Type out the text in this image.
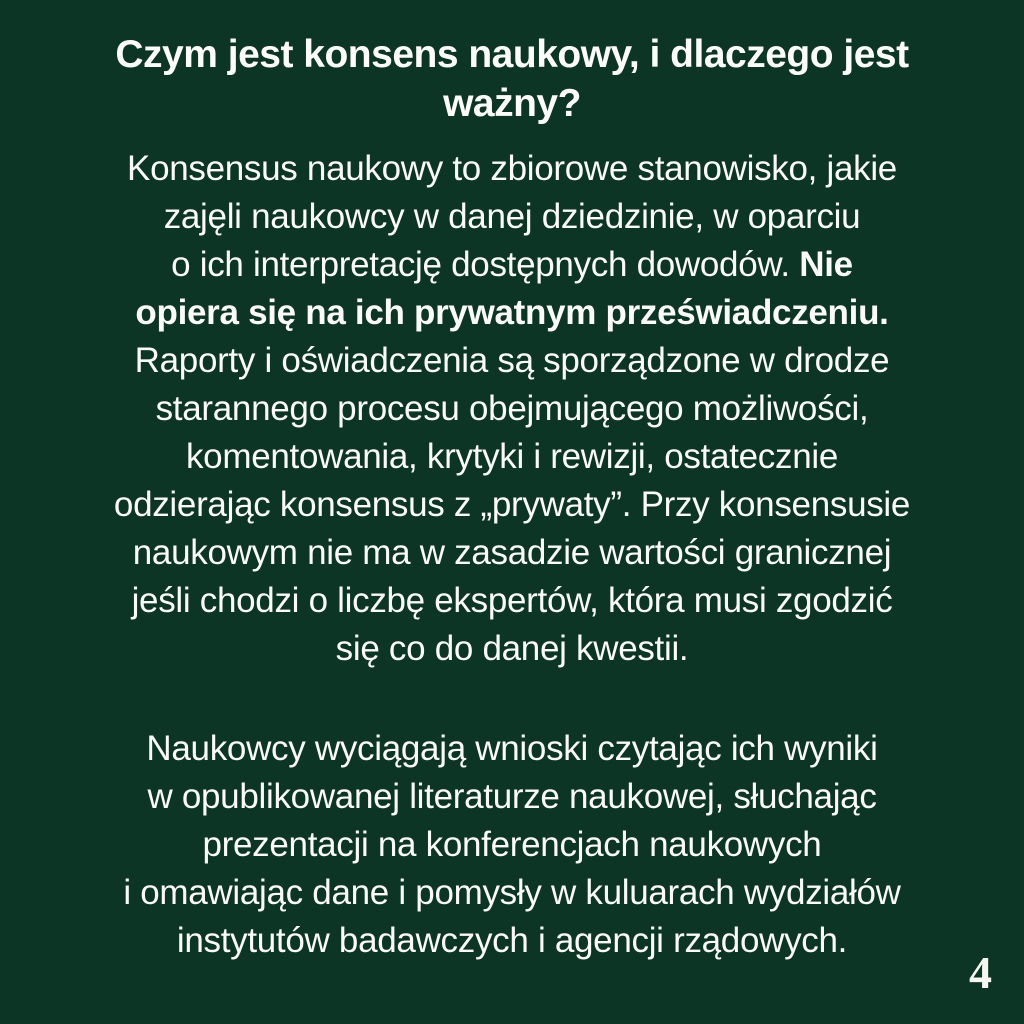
Czym jest konsens naukowy, i dlaczego jest
ważny?

Konsensus naukowy to zbiorowe stanowisko, jakie
zajęli naukowcy w danej dziedzinie, w oparciu
o ich interpretację dostępnych dowodów. Nie
opiera się na ich prywatnym przeświadczeniu.
Raporty i oświadczenia są sporządzone w drodze
starannego procesu obejmującego możliwości,
komentowania, krytyki i rewizji, ostatecznie
odzierając konsensus z „prywaty”. Przy konsensusie
naukowym nie ma w zasadzie wartości granicznej
jeśli chodzi o liczbę ekspertów, która musi zgodzić
się co do danej kwestii.

Naukowcy wyciągają wnioski czytając ich wyniki
w opublikowanej literaturze naukowej, słuchając
prezentacji na konferencjach naukowych
i omawiając dane i pomysły w kuluarach wydziałów
instytutów badawczych i agencji rządowych.

4
